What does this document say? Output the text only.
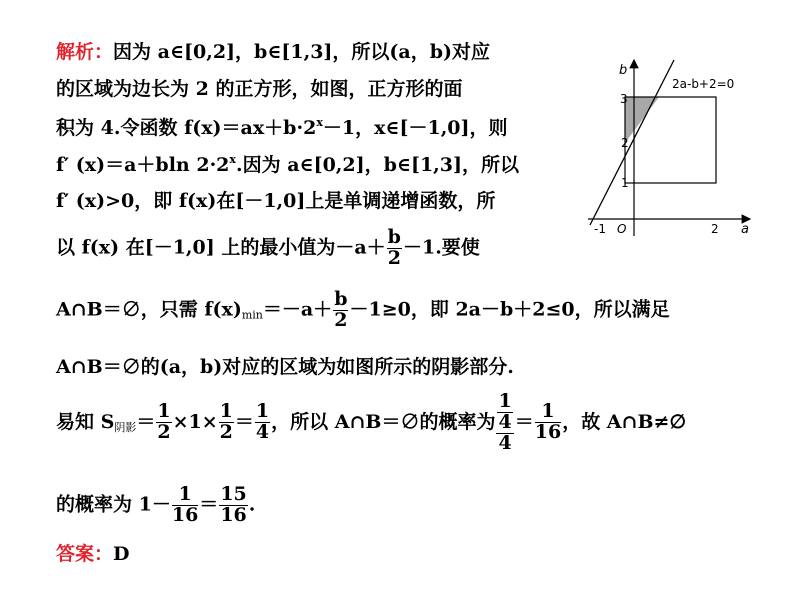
解析：因为 a∈[0,2]，b∈[1,3]，所以(a，b)对应
的区域为边长为 2 的正方形，如图，正方形的面
积为 4.令函数 $f(x)=ax+b\cdot 2^x-1$，x∈[－1,0]，则
f′ (x)＝a＋bln $2\cdot 2^x$.因为 a∈[0,2]，b∈[1,3]，所以
f′ (x)>0，即 f(x)在[－1,0]上是单调递增函数，所
以 f(x) 在[－1,0] 上的最小值为$-a+ \frac{b}{2} -1$.要使
A∩B＝∅，只需 $f(x)_{min}=-a+ \frac{b}{2} -1\ge 0$，即 2a－b＋2≤0，所以满足
A∩B＝∅的(a，b)对应的区域为如图所示的阴影部分.
易知 $S_{阴影}= \frac{1}{2} \times 1\times \frac{1}{2} = \frac{1}{4}$ ，所以 A∩B＝∅的概率为 $\frac{\frac{1}{4}}{4} = \frac{1}{16}$ ，故 A∩B≠∅
的概率为 $1- \frac{1}{16} = \frac{15}{16}$ .
答案：D
2a-b+2=0
b
a
O
3
2
1
2
-1
